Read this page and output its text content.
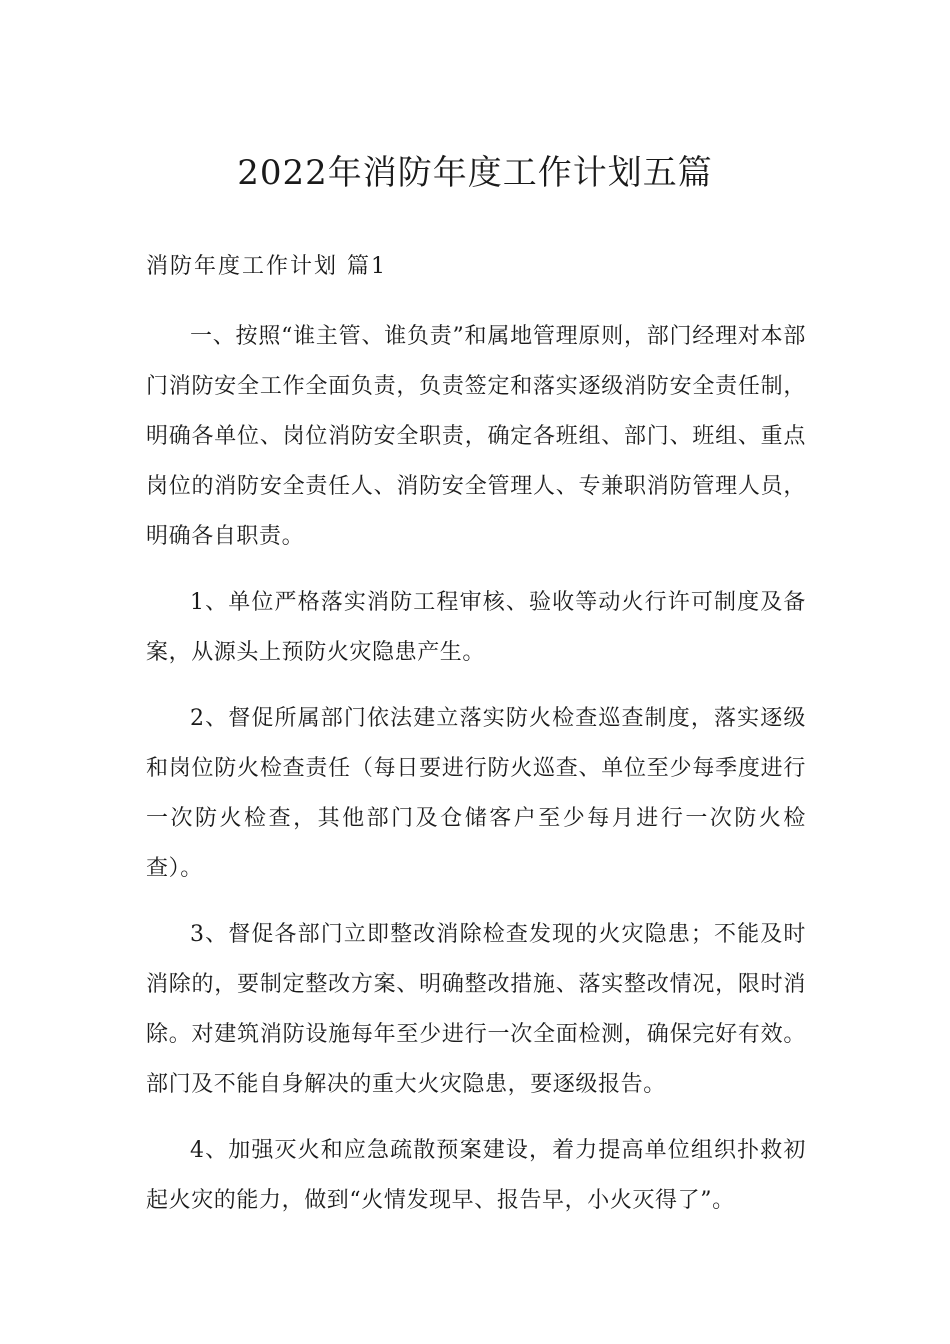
2022年消防年度工作计划五篇
消防年度工作计划 篇1

一、按照“谁主管、谁负责”和属地管理原则，部门经理对本部门消防安全工作全面负责，负责签定和落实逐级消防安全责任制，明确各单位、岗位消防安全职责，确定各班组、部门、班组、重点岗位的消防安全责任人、消防安全管理人、专兼职消防管理人员，明确各自职责。

1、单位严格落实消防工程审核、验收等动火行许可制度及备案，从源头上预防火灾隐患产生。

2、督促所属部门依法建立落实防火检查巡查制度，落实逐级和岗位防火检查责任（每日要进行防火巡查、单位至少每季度进行一次防火检查，其他部门及仓储客户至少每月进行一次防火检查）。

3、督促各部门立即整改消除检查发现的火灾隐患；不能及时消除的，要制定整改方案、明确整改措施、落实整改情况，限时消除。对建筑消防设施每年至少进行一次全面检测，确保完好有效。部门及不能自身解决的重大火灾隐患，要逐级报告。

4、加强灭火和应急疏散预案建设，着力提高单位组织扑救初起火灾的能力，做到“火情发现早、报告早，小火灭得了”。
